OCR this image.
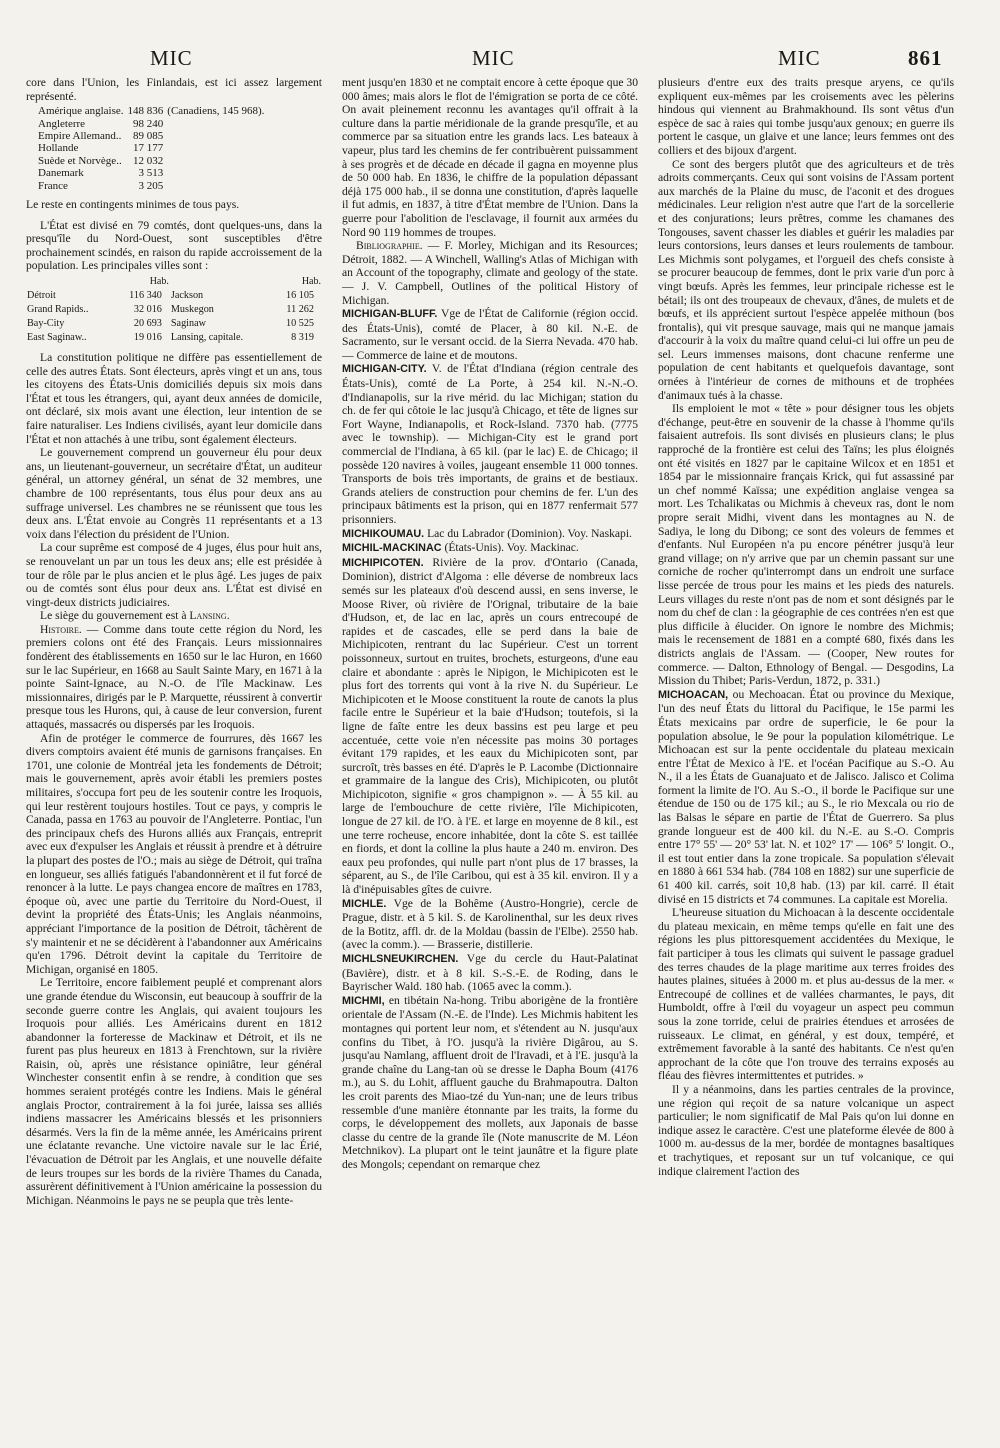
MIC	MIC	MIC	861

core dans l'Union, les Finlandais, est ici assez largement représenté.

Amérique anglaise.	148 836	(Canadiens, 145 968).
Angleterre	98 240	
Empire Allemand..	89 085	
Hollande	17 177	
Suède et Norvège..	12 032	
Danemark	3 513	
France	3 205	

Le reste en contingents minimes de tous pays.

L'État est divisé en 79 comtés, dont quelques-uns, dans la presqu'île du Nord-Ouest, sont susceptibles d'être prochainement scindés, en raison du rapide accroissement de la population. Les principales villes sont :

	Hab.		Hab.
Détroit	116 340	Jackson	16 105
Grand Rapids..	32 016	Muskegon	11 262
Bay-City	20 693	Saginaw	10 525
East Saginaw..	19 016	Lansing, capitale.	8 319

La constitution politique ne diffère pas essentiellement de celle des autres États. Sont électeurs, après vingt et un ans, tous les citoyens des États-Unis domiciliés depuis six mois dans l'État et tous les étrangers, qui, ayant deux années de domicile, ont déclaré, six mois avant une élection, leur intention de se faire naturaliser. Les Indiens civilisés, ayant leur domicile dans l'État et non attachés à une tribu, sont également électeurs.

Le gouvernement comprend un gouverneur élu pour deux ans, un lieutenant-gouverneur, un secrétaire d'État, un auditeur général, un attorney général, un sénat de 32 membres, une chambre de 100 représentants, tous élus pour deux ans au suffrage universel. Les chambres ne se réunissent que tous les deux ans. L'État envoie au Congrès 11 représentants et a 13 voix dans l'élection du président de l'Union.

La cour suprême est composé de 4 juges, élus pour huit ans, se renouvelant un par un tous les deux ans; elle est présidée à tour de rôle par le plus ancien et le plus âgé. Les juges de paix ou de comtés sont élus pour deux ans. L'État est divisé en vingt-deux districts judiciaires.

Le siège du gouvernement est à Lansing.

Histoire. — Comme dans toute cette région du Nord, les premiers colons ont été des Français. Leurs missionnaires fondèrent des établissements en 1650 sur le lac Huron, en 1660 sur le lac Supérieur, en 1668 au Sault Sainte Mary, en 1671 à la pointe Saint-Ignace, au N.-O. de l'île Mackinaw. Les missionnaires, dirigés par le P. Marquette, réussirent à convertir presque tous les Hurons, qui, à cause de leur conversion, furent attaqués, massacrés ou dispersés par les Iroquois.

Afin de protéger le commerce de fourrures, dès 1667 les divers comptoirs avaient été munis de garnisons françaises. En 1701, une colonie de Montréal jeta les fondements de Détroit; mais le gouvernement, après avoir établi les premiers postes militaires, s'occupa fort peu de les soutenir contre les Iroquois, qui leur restèrent toujours hostiles. Tout ce pays, y compris le Canada, passa en 1763 au pouvoir de l'Angleterre. Pontiac, l'un des principaux chefs des Hurons alliés aux Français, entreprit avec eux d'expulser les Anglais et réussit à prendre et à détruire la plupart des postes de l'O.; mais au siège de Détroit, qui traîna en longueur, ses alliés fatigués l'abandonnèrent et il fut forcé de renoncer à la lutte. Le pays changea encore de maîtres en 1783, époque où, avec une partie du Territoire du Nord-Ouest, il devint la propriété des États-Unis; les Anglais néanmoins, appréciant l'importance de la position de Détroit, tâchèrent de s'y maintenir et ne se décidèrent à l'abandonner aux Américains qu'en 1796. Détroit devint la capitale du Territoire de Michigan, organisé en 1805.

Le Territoire, encore faiblement peuplé et comprenant alors une grande étendue du Wisconsin, eut beaucoup à souffrir de la seconde guerre contre les Anglais, qui avaient toujours les Iroquois pour alliés. Les Américains durent en 1812 abandonner la forteresse de Mackinaw et Détroit, et ils ne furent pas plus heureux en 1813 à Frenchtown, sur la rivière Raisin, où, après une résistance opiniâtre, leur général Winchester consentit enfin à se rendre, à condition que ses hommes seraient protégés contre les Indiens. Mais le général anglais Proctor, contrairement à la foi jurée, laissa ses alliés indiens massacrer les Américains blessés et les prisonniers désarmés. Vers la fin de la même année, les Américains prirent une éclatante revanche. Une victoire navale sur le lac Érié, l'évacuation de Détroit par les Anglais, et une nouvelle défaite de leurs troupes sur les bords de la rivière Thames du Canada, assurèrent définitivement à l'Union américaine la possession du Michigan. Néanmoins le pays ne se peupla que très lente-

ment jusqu'en 1830 et ne comptait encore à cette époque que 30 000 âmes; mais alors le flot de l'émigration se porta de ce côté. On avait pleinement reconnu les avantages qu'il offrait à la culture dans la partie méridionale de la grande presqu'île, et au commerce par sa situation entre les grands lacs. Les bateaux à vapeur, plus tard les chemins de fer contribuèrent puissamment à ses progrès et de décade en décade il gagna en moyenne plus de 50 000 hab. En 1836, le chiffre de la population dépassant déjà 175 000 hab., il se donna une constitution, d'après laquelle il fut admis, en 1837, à titre d'État membre de l'Union. Dans la guerre pour l'abolition de l'esclavage, il fournit aux armées du Nord 90 119 hommes de troupes.

Bibliographie. — F. Morley, Michigan and its Resources; Détroit, 1882. — A Winchell, Walling's Atlas of Michigan with an Account of the topography, climate and geology of the state. — J. V. Campbell, Outlines of the political History of Michigan.

MICHIGAN-BLUFF. Vge de l'État de Californie (région occid. des États-Unis), comté de Placer, à 80 kil. N.-E. de Sacramento, sur le versant occid. de la Sierra Nevada. 470 hab. — Commerce de laine et de moutons.

MICHIGAN-CITY. V. de l'État d'Indiana (région centrale des États-Unis), comté de La Porte, à 254 kil. N.-N.-O. d'Indianapolis, sur la rive mérid. du lac Michigan; station du ch. de fer qui côtoie le lac jusqu'à Chicago, et tête de lignes sur Fort Wayne, Indianapolis, et Rock-Island. 7370 hab. (7775 avec le township). — Michigan-City est le grand port commercial de l'Indiana, à 65 kil. (par le lac) E. de Chicago; il possède 120 navires à voiles, jaugeant ensemble 11 000 tonnes. Transports de bois très importants, de grains et de bestiaux. Grands ateliers de construction pour chemins de fer. L'un des principaux bâtiments est la prison, qui en 1877 renfermait 577 prisonniers.

MICHIKOUMAU. Lac du Labrador (Dominion). Voy. Naskapi.

MICHIL-MACKINAC (États-Unis). Voy. Mackinac.

MICHIPICOTEN. Rivière de la prov. d'Ontario (Canada, Dominion), district d'Algoma : elle déverse de nombreux lacs semés sur les plateaux d'où descend aussi, en sens inverse, le Moose River, où rivière de l'Orignal, tributaire de la baie d'Hudson, et, de lac en lac, après un cours entrecoupé de rapides et de cascades, elle se perd dans la baie de Michipicoten, rentrant du lac Supérieur. C'est un torrent poissonneux, surtout en truites, brochets, esturgeons, d'une eau claire et abondante : après le Nipigon, le Michipicoten est le plus fort des torrents qui vont à la rive N. du Supérieur. Le Michipicoten et le Moose constituent la route de canots la plus facile entre le Supérieur et la baie d'Hudson; toutefois, si la ligne de faîte entre les deux bassins est peu large et peu accentuée, cette voie n'en nécessite pas moins 30 portages évitant 179 rapides, et les eaux du Michipicoten sont, par surcroît, très basses en été. D'après le P. Lacombe (Dictionnaire et grammaire de la langue des Cris), Michipicoten, ou plutôt Michipicoton, signifie « gros champignon ». — À 55 kil. au large de l'embouchure de cette rivière, l'île Michipicoten, longue de 27 kil. de l'O. à l'E. et large en moyenne de 8 kil., est une terre rocheuse, encore inhabitée, dont la côte S. est taillée en fiords, et dont la colline la plus haute a 240 m. environ. Des eaux peu profondes, qui nulle part n'ont plus de 17 brasses, la séparent, au S., de l'île Caribou, qui est à 35 kil. environ. Il y a là d'inépuisables gîtes de cuivre.

MICHLE. Vge de la Bohême (Austro-Hongrie), cercle de Prague, distr. et à 5 kil. S. de Karolinenthal, sur les deux rives de la Botitz, affl. dr. de la Moldau (bassin de l'Elbe). 2550 hab. (avec la comm.). — Brasserie, distillerie.

MICHLSNEUKIRCHEN. Vge du cercle du Haut-Palatinat (Bavière), distr. et à 8 kil. S.-S.-E. de Roding, dans le Bayrischer Wald. 180 hab. (1065 avec la comm.).

MICHMI, en tibétain Na-hong. Tribu aborigène de la frontière orientale de l'Assam (N.-E. de l'Inde). Les Michmis habitent les montagnes qui portent leur nom, et s'étendent au N. jusqu'aux confins du Tibet, à l'O. jusqu'à la rivière Digârou, au S. jusqu'au Namlang, affluent droit de l'Iravadi, et à l'E. jusqu'à la grande chaîne du Lang-tan où se dresse le Dapha Boum (4176 m.), au S. du Lohit, affluent gauche du Brahmapoutra. Dalton les croit parents des Miao-tzé du Yun-nan; une de leurs tribus ressemble d'une manière étonnante par les traits, la forme du corps, le développement des mollets, aux Japonais de basse classe du centre de la grande île (Note manuscrite de M. Léon Metchnikov). La plupart ont le teint jaunâtre et la figure plate des Mongols; cependant on remarque chez

plusieurs d'entre eux des traits presque aryens, ce qu'ils expliquent eux-mêmes par les croisements avec les pèlerins hindous qui viennent au Brahmakhound. Ils sont vêtus d'un espèce de sac à raies qui tombe jusqu'aux genoux; en guerre ils portent le casque, un glaive et une lance; leurs femmes ont des colliers et des bijoux d'argent.

Ce sont des bergers plutôt que des agriculteurs et de très adroits commerçants. Ceux qui sont voisins de l'Assam portent aux marchés de la Plaine du musc, de l'aconit et des drogues médicinales. Leur religion n'est autre que l'art de la sorcellerie et des conjurations; leurs prêtres, comme les chamanes des Tongouses, savent chasser les diables et guérir les maladies par leurs contorsions, leurs danses et leurs roulements de tambour. Les Michmis sont polygames, et l'orgueil des chefs consiste à se procurer beaucoup de femmes, dont le prix varie d'un porc à vingt bœufs. Après les femmes, leur principale richesse est le bétail; ils ont des troupeaux de chevaux, d'ânes, de mulets et de bœufs, et ils apprécient surtout l'espèce appelée mithoun (bos frontalis), qui vit presque sauvage, mais qui ne manque jamais d'accourir à la voix du maître quand celui-ci lui offre un peu de sel. Leurs immenses maisons, dont chacune renferme une population de cent habitants et quelquefois davantage, sont ornées à l'intérieur de cornes de mithouns et de trophées d'animaux tués à la chasse.

Ils emploient le mot « tête » pour désigner tous les objets d'échange, peut-être en souvenir de la chasse à l'homme qu'ils faisaient autrefois. Ils sont divisés en plusieurs clans; le plus rapproché de la frontière est celui des Taïns; les plus éloignés ont été visités en 1827 par le capitaine Wilcox et en 1851 et 1854 par le missionnaire français Krick, qui fut assassiné par un chef nommé Kaïssa; une expédition anglaise vengea sa mort. Les Tchalikatas ou Michmis à cheveux ras, dont le nom propre serait Midhi, vivent dans les montagnes au N. de Sadiya, le long du Dibong; ce sont des voleurs de femmes et d'enfants. Nul Européen n'a pu encore pénétrer jusqu'à leur grand village; on n'y arrive que par un chemin passant sur une corniche de rocher qu'interrompt dans un endroit une surface lisse percée de trous pour les mains et les pieds des naturels. Leurs villages du reste n'ont pas de nom et sont désignés par le nom du chef de clan : la géographie de ces contrées n'en est que plus difficile à élucider. On ignore le nombre des Michmis; mais le recensement de 1881 en a compté 680, fixés dans les districts anglais de l'Assam. — (Cooper, New routes for commerce. — Dalton, Ethnology of Bengal. — Desgodins, La Mission du Thibet; Paris-Verdun, 1872, p. 331.)

MICHOACAN, ou Mechoacan. État ou province du Mexique, l'un des neuf États du littoral du Pacifique, le 15e parmi les États mexicains par ordre de superficie, le 6e pour la population absolue, le 9e pour la population kilométrique. Le Michoacan est sur la pente occidentale du plateau mexicain entre l'État de Mexico à l'E. et l'océan Pacifique au S.-O. Au N., il a les États de Guanajuato et de Jalisco. Jalisco et Colima forment la limite de l'O. Au S.-O., il borde le Pacifique sur une étendue de 150 ou de 175 kil.; au S., le rio Mexcala ou rio de las Balsas le sépare en partie de l'État de Guerrero. Sa plus grande longueur est de 400 kil. du N.-E. au S.-O. Compris entre 17° 55' — 20° 53' lat. N. et 102° 17' — 106° 5' longit. O., il est tout entier dans la zone tropicale. Sa population s'élevait en 1880 à 661 534 hab. (784 108 en 1882) sur une superficie de 61 400 kil. carrés, soit 10,8 hab. (13) par kil. carré. Il était divisé en 15 districts et 74 communes. La capitale est Morelia.

L'heureuse situation du Michoacan à la descente occidentale du plateau mexicain, en même temps qu'elle en fait une des régions les plus pittoresquement accidentées du Mexique, le fait participer à tous les climats qui suivent le passage graduel des terres chaudes de la plage maritime aux terres froides des hautes plaines, situées à 2000 m. et plus au-dessus de la mer. « Entrecoupé de collines et de vallées charmantes, le pays, dit Humboldt, offre à l'œil du voyageur un aspect peu commun sous la zone torride, celui de prairies étendues et arrosées de ruisseaux. Le climat, en général, y est doux, tempéré, et extrêmement favorable à la santé des habitants. Ce n'est qu'en approchant de la côte que l'on trouve des terrains exposés au fléau des fièvres intermittentes et putrides. »

Il y a néanmoins, dans les parties centrales de la province, une région qui reçoit de sa nature volcanique un aspect particulier; le nom significatif de Mal Pais qu'on lui donne en indique assez le caractère. C'est une plateforme élevée de 800 à 1000 m. au-dessus de la mer, bordée de montagnes basaltiques et trachytiques, et reposant sur un tuf volcanique, ce qui indique clairement l'action des
